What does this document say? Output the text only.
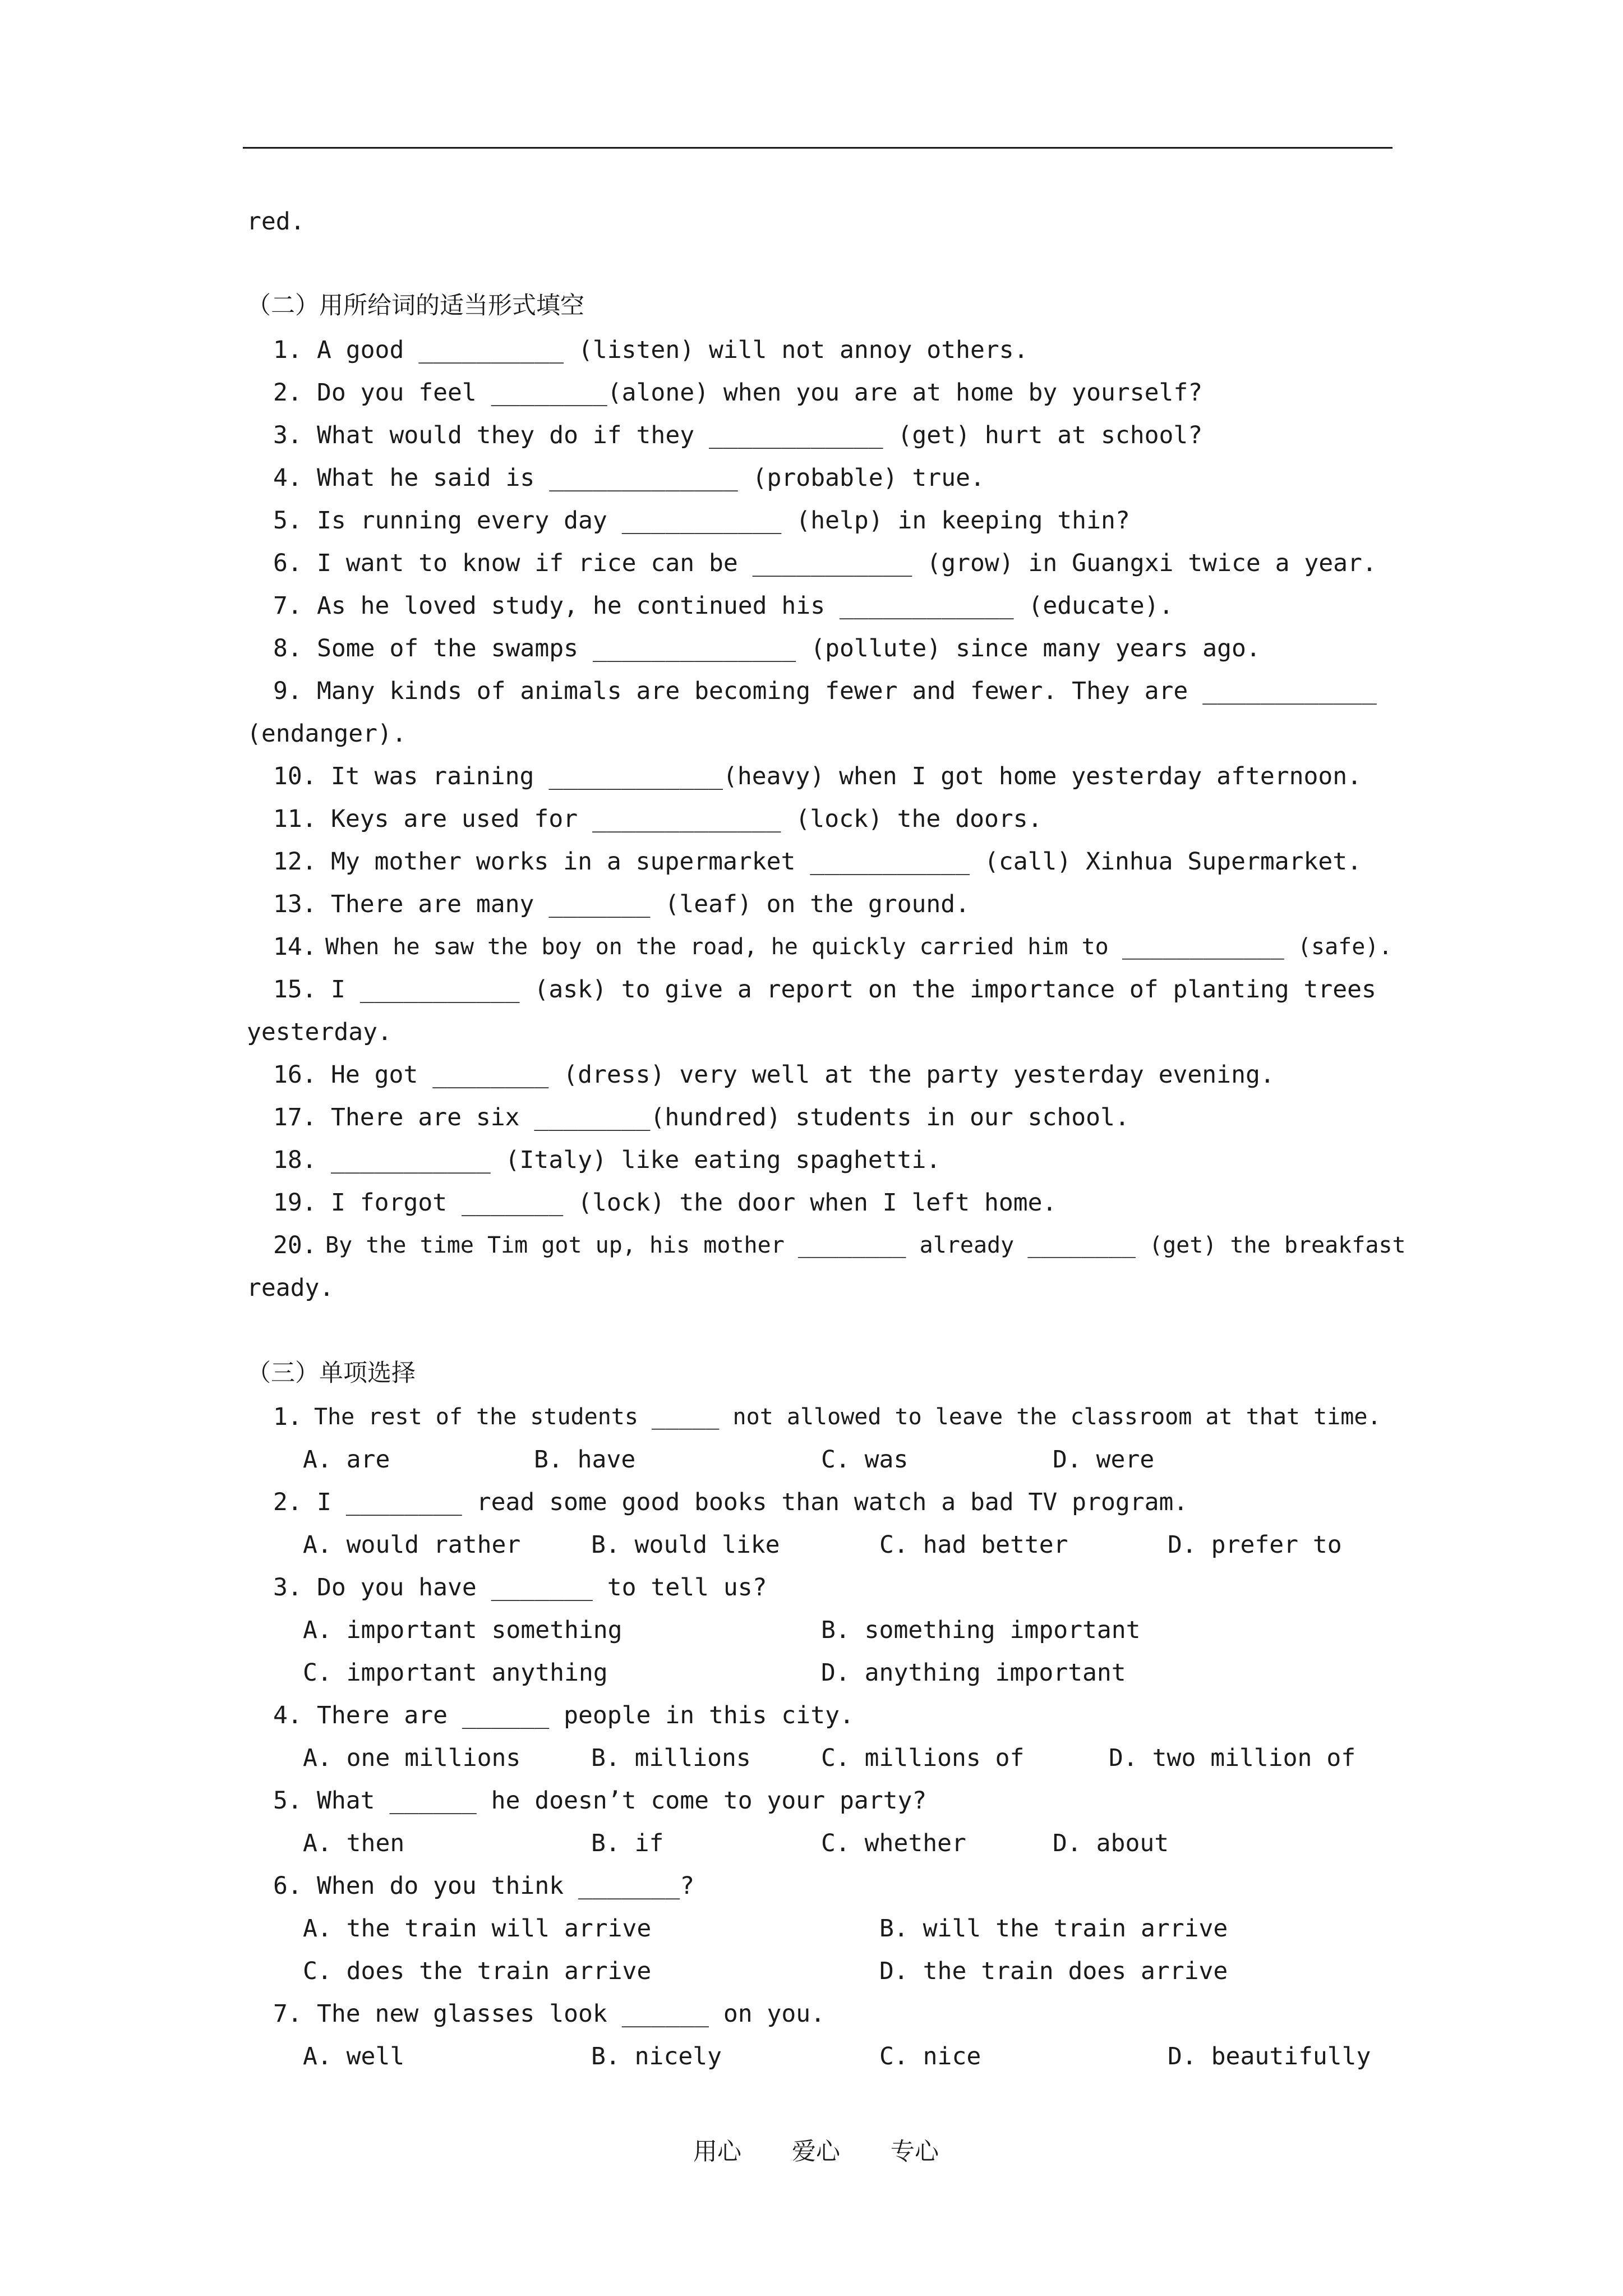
red.
（二）用所给词的适当形式填空
1. A good __________ (listen) will not annoy others.
2. Do you feel ________(alone) when you are at home by yourself?
3. What would they do if they ____________ (get) hurt at school?
4. What he said is _____________ (probable) true.
5. Is running every day ___________ (help) in keeping thin?
6. I want to know if rice can be ___________ (grow) in Guangxi twice a year.
7. As he loved study, he continued his ____________ (educate).
8. Some of the swamps ______________ (pollute) since many years ago.
9. Many kinds of animals are becoming fewer and fewer. They are ____________
(endanger).
10. It was raining ____________(heavy) when I got home yesterday afternoon.
11. Keys are used for _____________ (lock) the doors.
12. My mother works in a supermarket ___________ (call) Xinhua Supermarket.
13. There are many _______ (leaf) on the ground.
14. When he saw the boy on the road, he quickly carried him to ____________ (safe).
15. I ___________ (ask) to give a report on the importance of planting trees
yesterday.
16. He got ________ (dress) very well at the party yesterday evening.
17. There are six ________(hundred) students in our school.
18. ___________ (Italy) like eating spaghetti.
19. I forgot _______ (lock) the door when I left home.
20. By the time Tim got up, his mother ________ already ________ (get) the breakfast
ready.
（三）单项选择
1. The rest of the students _____ not allowed to leave the classroom at that time.
A. are	B. have	C. was	D. were
2. I ________ read some good books than watch a bad TV program.
A. would rather	B. would like	C. had better	D. prefer to
3. Do you have _______ to tell us?
A. important something	B. something important
C. important anything	D. anything important
4. There are ______ people in this city.
A. one millions	B. millions	C. millions of	D. two million of
5. What ______ he doesn’t come to your party?
A. then	B. if	C. whether	D. about
6. When do you think _______?
A. the train will arrive	B. will the train arrive
C. does the train arrive	D. the train does arrive
7. The new glasses look ______ on you.
A. well	B. nicely	C. nice	D. beautifully
用心 爱心 专心
